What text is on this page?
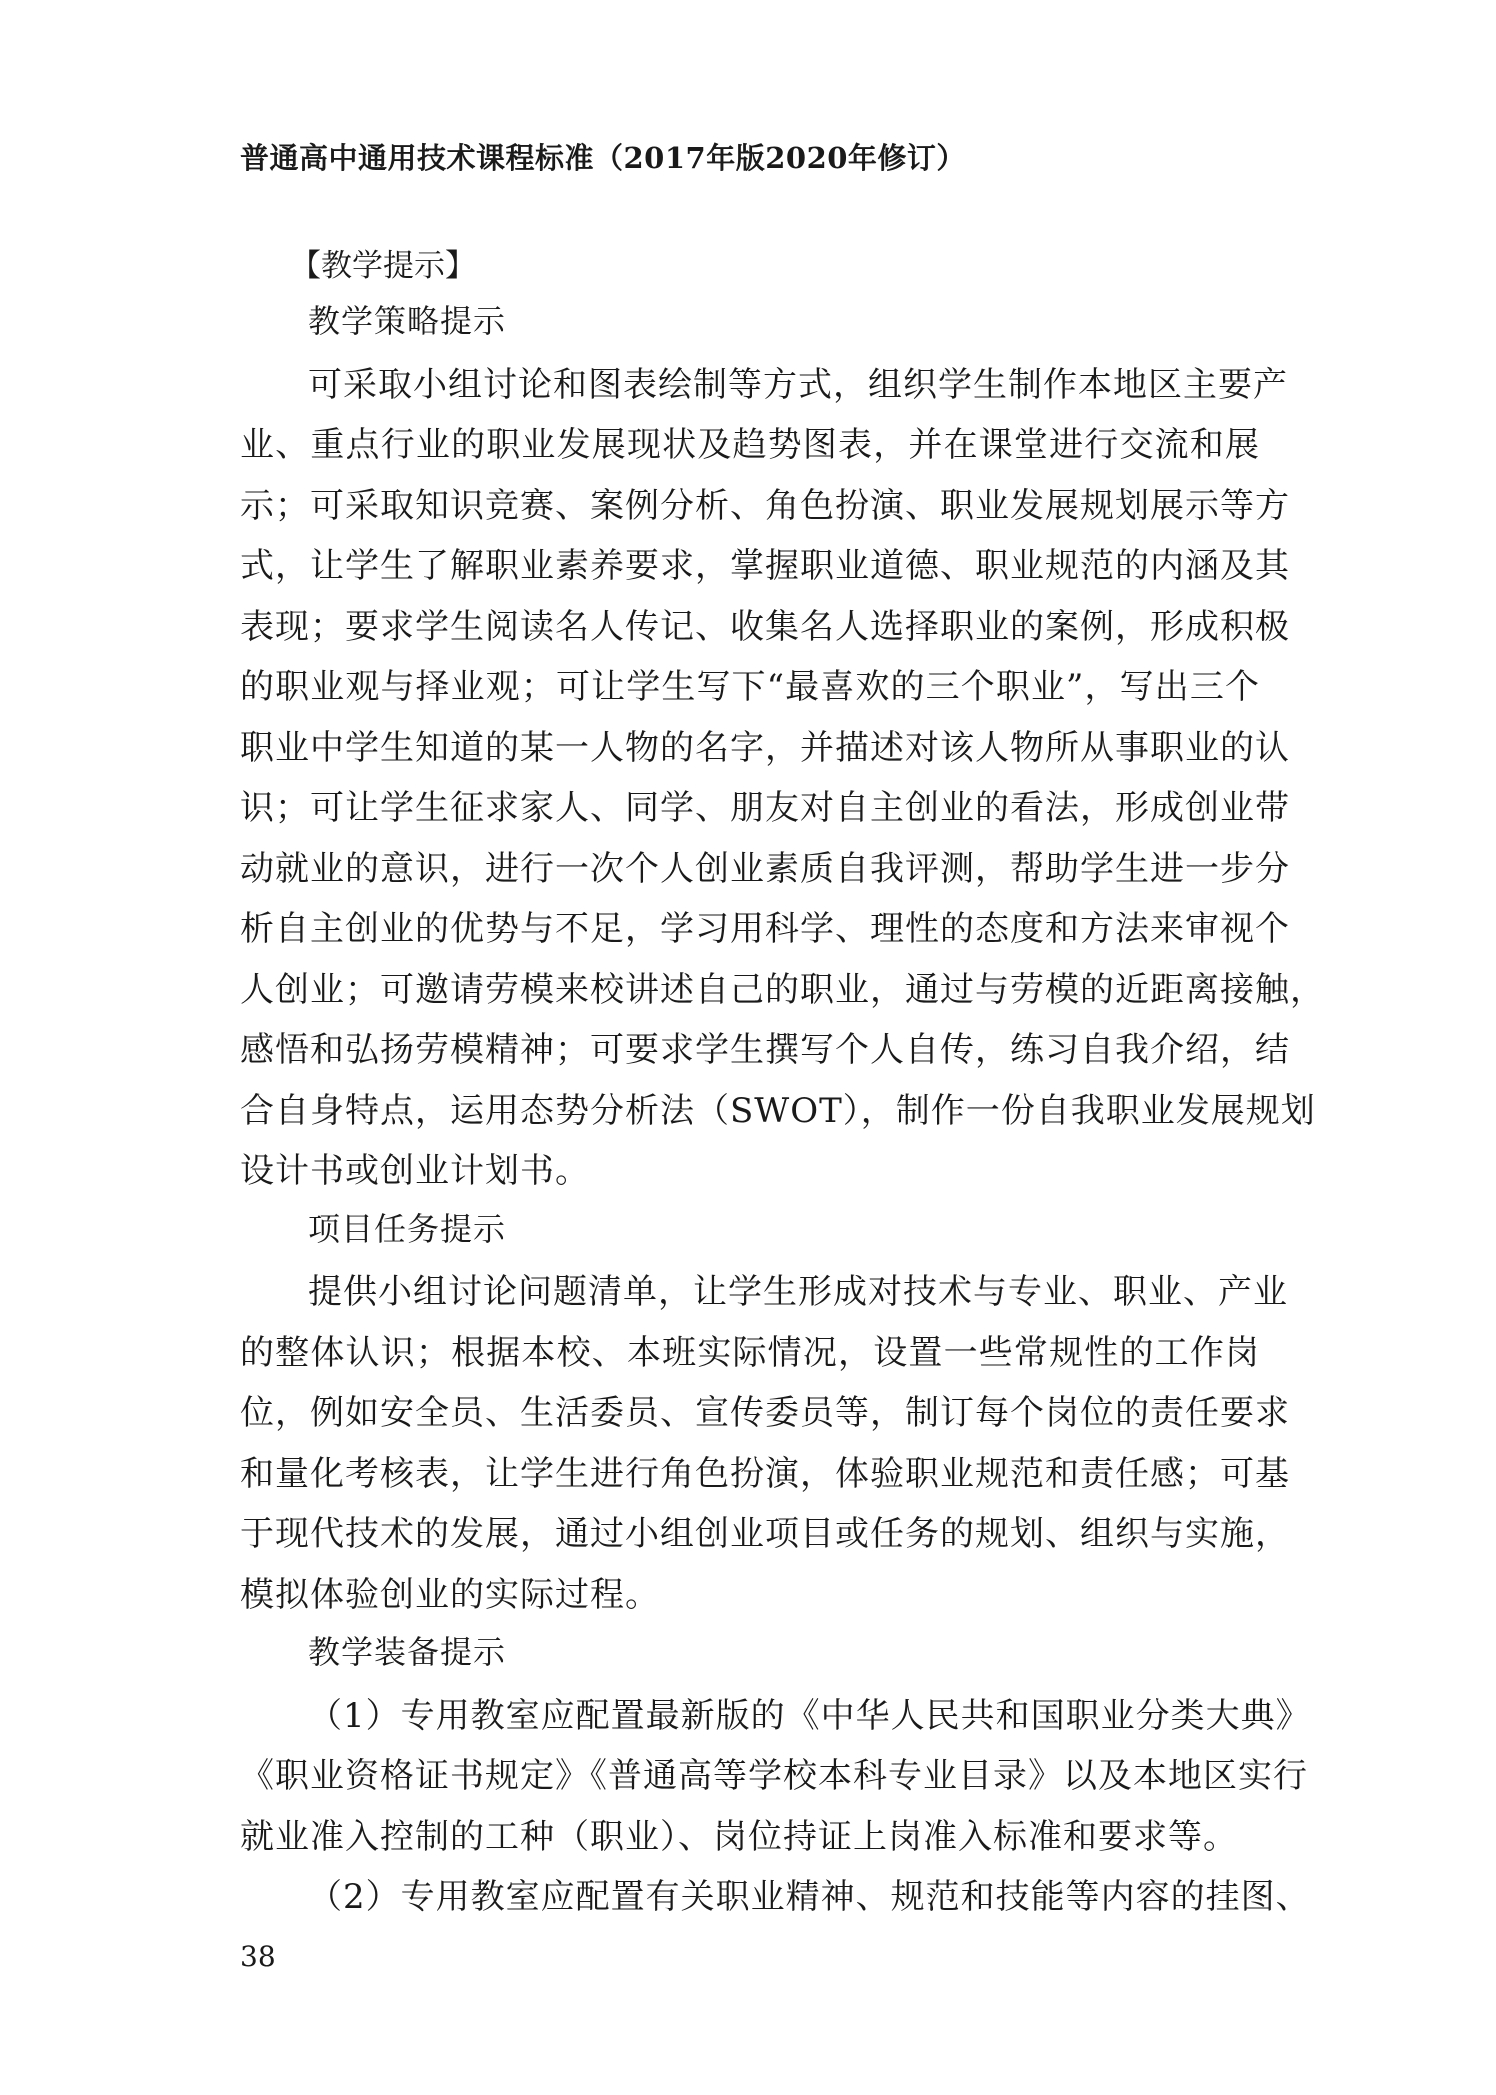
普通高中通用技术课程标准（2017年版2020年修订）
【教学提示】
教学策略提示
可采取小组讨论和图表绘制等方式，组织学生制作本地区主要产
业、重点行业的职业发展现状及趋势图表，并在课堂进行交流和展
示；可采取知识竞赛、案例分析、角色扮演、职业发展规划展示等方
式，让学生了解职业素养要求，掌握职业道德、职业规范的内涵及其
表现；要求学生阅读名人传记、收集名人选择职业的案例，形成积极
的职业观与择业观；可让学生写下“最喜欢的三个职业”，写出三个
职业中学生知道的某一人物的名字，并描述对该人物所从事职业的认
识；可让学生征求家人、同学、朋友对自主创业的看法，形成创业带
动就业的意识，进行一次个人创业素质自我评测，帮助学生进一步分
析自主创业的优势与不足，学习用科学、理性的态度和方法来审视个
人创业；可邀请劳模来校讲述自己的职业，通过与劳模的近距离接触，
感悟和弘扬劳模精神；可要求学生撰写个人自传，练习自我介绍，结
合自身特点，运用态势分析法（SWOT），制作一份自我职业发展规划
设计书或创业计划书。
项目任务提示
提供小组讨论问题清单，让学生形成对技术与专业、职业、产业
的整体认识；根据本校、本班实际情况，设置一些常规性的工作岗
位，例如安全员、生活委员、宣传委员等，制订每个岗位的责任要求
和量化考核表，让学生进行角色扮演，体验职业规范和责任感；可基
于现代技术的发展，通过小组创业项目或任务的规划、组织与实施，
模拟体验创业的实际过程。
教学装备提示
（1）专用教室应配置最新版的《中华人民共和国职业分类大典》
《职业资格证书规定》《普通高等学校本科专业目录》以及本地区实行
就业准入控制的工种（职业）、岗位持证上岗准入标准和要求等。
（2）专用教室应配置有关职业精神、规范和技能等内容的挂图、
38
